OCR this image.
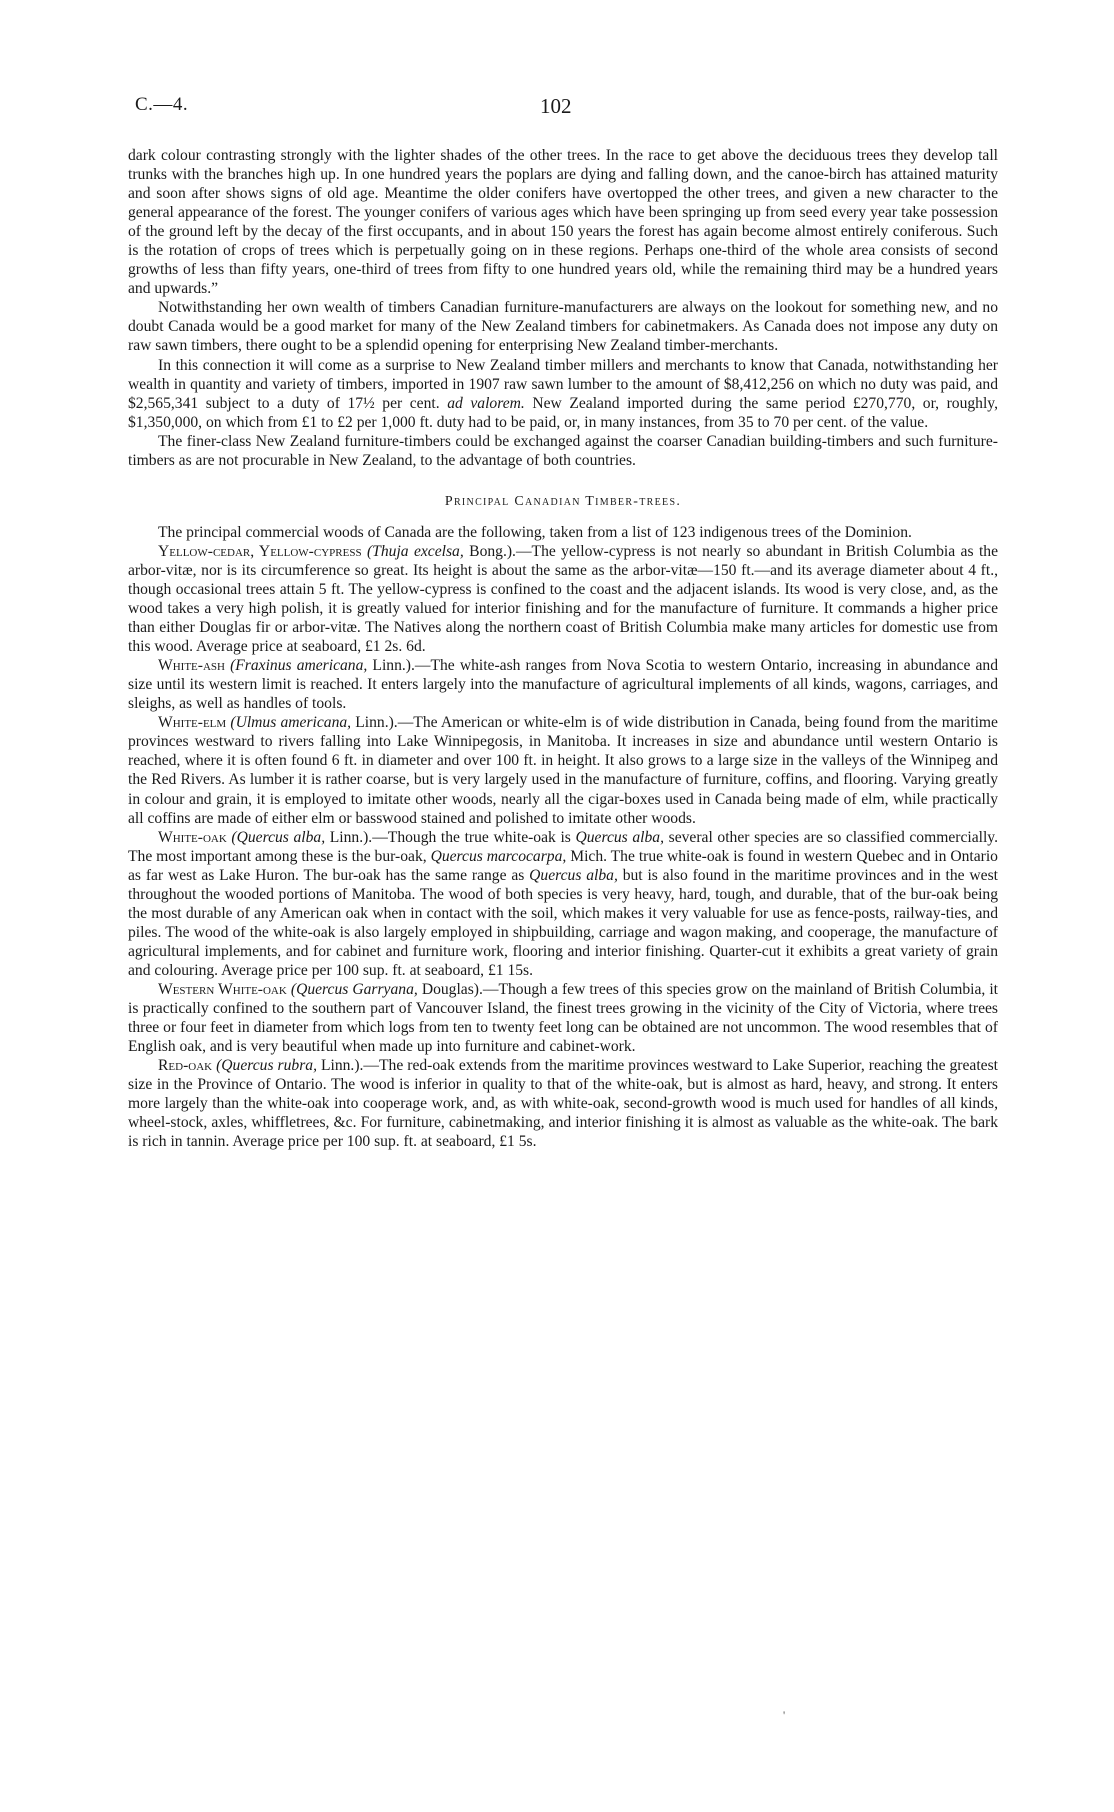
C.—4.	102

dark colour contrasting strongly with the lighter shades of the other trees. In the race to get above the deciduous trees they develop tall trunks with the branches high up. In one hundred years the poplars are dying and falling down, and the canoe-birch has attained maturity and soon after shows signs of old age. Meantime the older conifers have overtopped the other trees, and given a new character to the general appearance of the forest. The younger conifers of various ages which have been springing up from seed every year take possession of the ground left by the decay of the first occupants, and in about 150 years the forest has again become almost entirely coniferous. Such is the rotation of crops of trees which is perpetually going on in these regions. Perhaps one-third of the whole area consists of second growths of less than fifty years, one-third of trees from fifty to one hundred years old, while the remaining third may be a hundred years and upwards.”

Notwithstanding her own wealth of timbers Canadian furniture-manufacturers are always on the lookout for something new, and no doubt Canada would be a good market for many of the New Zealand timbers for cabinetmakers. As Canada does not impose any duty on raw sawn timbers, there ought to be a splendid opening for enterprising New Zealand timber-merchants.

In this connection it will come as a surprise to New Zealand timber millers and merchants to know that Canada, notwithstanding her wealth in quantity and variety of timbers, imported in 1907 raw sawn lumber to the amount of $8,412,256 on which no duty was paid, and $2,565,341 subject to a duty of 17½ per cent. ad valorem. New Zealand imported during the same period £270,770, or, roughly, $1,350,000, on which from £1 to £2 per 1,000 ft. duty had to be paid, or, in many instances, from 35 to 70 per cent. of the value.

The finer-class New Zealand furniture-timbers could be exchanged against the coarser Canadian building-timbers and such furniture-timbers as are not procurable in New Zealand, to the advantage of both countries.

Principal Canadian Timber-trees.

The principal commercial woods of Canada are the following, taken from a list of 123 indigenous trees of the Dominion.

Yellow-cedar, Yellow-cypress (Thuja excelsa, Bong.).—The yellow-cypress is not nearly so abundant in British Columbia as the arbor-vitæ, nor is its circumference so great. Its height is about the same as the arbor-vitæ—150 ft.—and its average diameter about 4 ft., though occasional trees attain 5 ft. The yellow-cypress is confined to the coast and the adjacent islands. Its wood is very close, and, as the wood takes a very high polish, it is greatly valued for interior finishing and for the manufacture of furniture. It commands a higher price than either Douglas fir or arbor-vitæ. The Natives along the northern coast of British Columbia make many articles for domestic use from this wood. Average price at seaboard, £1 2s. 6d.

White-ash (Fraxinus americana, Linn.).—The white-ash ranges from Nova Scotia to western Ontario, increasing in abundance and size until its western limit is reached. It enters largely into the manufacture of agricultural implements of all kinds, wagons, carriages, and sleighs, as well as handles of tools.

White-elm (Ulmus americana, Linn.).—The American or white-elm is of wide distribution in Canada, being found from the maritime provinces westward to rivers falling into Lake Winnipegosis, in Manitoba. It increases in size and abundance until western Ontario is reached, where it is often found 6 ft. in diameter and over 100 ft. in height. It also grows to a large size in the valleys of the Winnipeg and the Red Rivers. As lumber it is rather coarse, but is very largely used in the manufacture of furniture, coffins, and flooring. Varying greatly in colour and grain, it is employed to imitate other woods, nearly all the cigar-boxes used in Canada being made of elm, while practically all coffins are made of either elm or basswood stained and polished to imitate other woods.

White-oak (Quercus alba, Linn.).—Though the true white-oak is Quercus alba, several other species are so classified commercially. The most important among these is the bur-oak, Quercus marcocarpa, Mich. The true white-oak is found in western Quebec and in Ontario as far west as Lake Huron. The bur-oak has the same range as Quercus alba, but is also found in the maritime provinces and in the west throughout the wooded portions of Manitoba. The wood of both species is very heavy, hard, tough, and durable, that of the bur-oak being the most durable of any American oak when in contact with the soil, which makes it very valuable for use as fence-posts, railway-ties, and piles. The wood of the white-oak is also largely employed in shipbuilding, carriage and wagon making, and cooperage, the manufacture of agricultural implements, and for cabinet and furniture work, flooring and interior finishing. Quarter-cut it exhibits a great variety of grain and colouring. Average price per 100 sup. ft. at seaboard, £1 15s.

Western White-oak (Quercus Garryana, Douglas).—Though a few trees of this species grow on the mainland of British Columbia, it is practically confined to the southern part of Vancouver Island, the finest trees growing in the vicinity of the City of Victoria, where trees three or four feet in diameter from which logs from ten to twenty feet long can be obtained are not uncommon. The wood resembles that of English oak, and is very beautiful when made up into furniture and cabinet-work.

Red-oak (Quercus rubra, Linn.).—The red-oak extends from the maritime provinces westward to Lake Superior, reaching the greatest size in the Province of Ontario. The wood is inferior in quality to that of the white-oak, but is almost as hard, heavy, and strong. It enters more largely than the white-oak into cooperage work, and, as with white-oak, second-growth wood is much used for handles of all kinds, wheel-stock, axles, whiffletrees, &c. For furniture, cabinetmaking, and interior finishing it is almost as valuable as the white-oak. The bark is rich in tannin. Average price per 100 sup. ft. at seaboard, £1 5s.

'
